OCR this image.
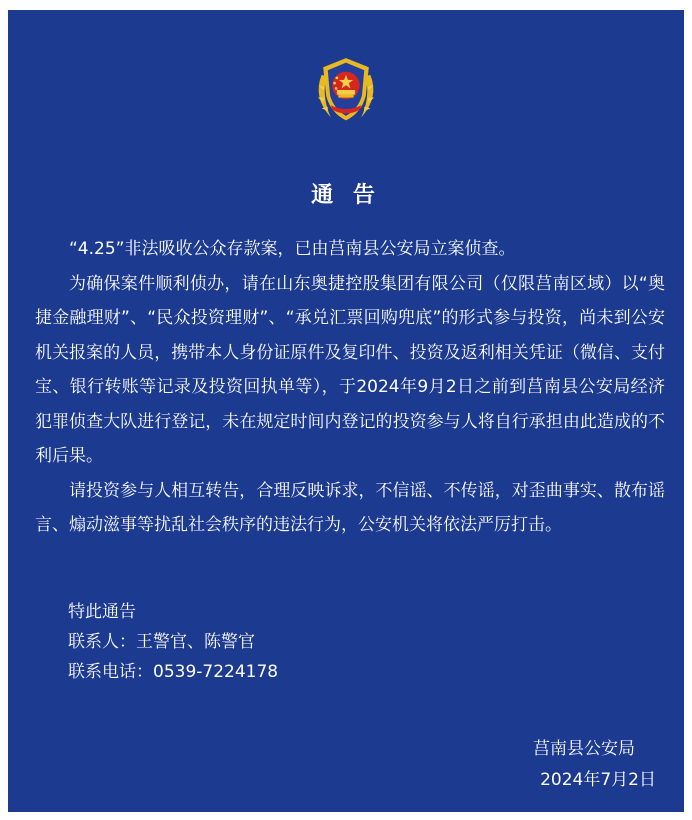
通 告

“4.25”非法吸收公众存款案，已由莒南县公安局立案侦查。

为确保案件顺利侦办，请在山东奥捷控股集团有限公司（仅限莒南区域）以“奥捷金融理财”、“民众投资理财”、“承兑汇票回购兜底”的形式参与投资，尚未到公安机关报案的人员，携带本人身份证原件及复印件、投资及返利相关凭证（微信、支付宝、银行转账等记录及投资回执单等），于2024年9月2日之前到莒南县公安局经济犯罪侦查大队进行登记，未在规定时间内登记的投资参与人将自行承担由此造成的不利后果。

请投资参与人相互转告，合理反映诉求，不信谣、不传谣，对歪曲事实、散布谣言、煽动滋事等扰乱社会秩序的违法行为，公安机关将依法严厉打击。

特此通告
联系人：王警官、陈警官
联系电话：0539-7224178
莒南县公安局
2024年7月2日
